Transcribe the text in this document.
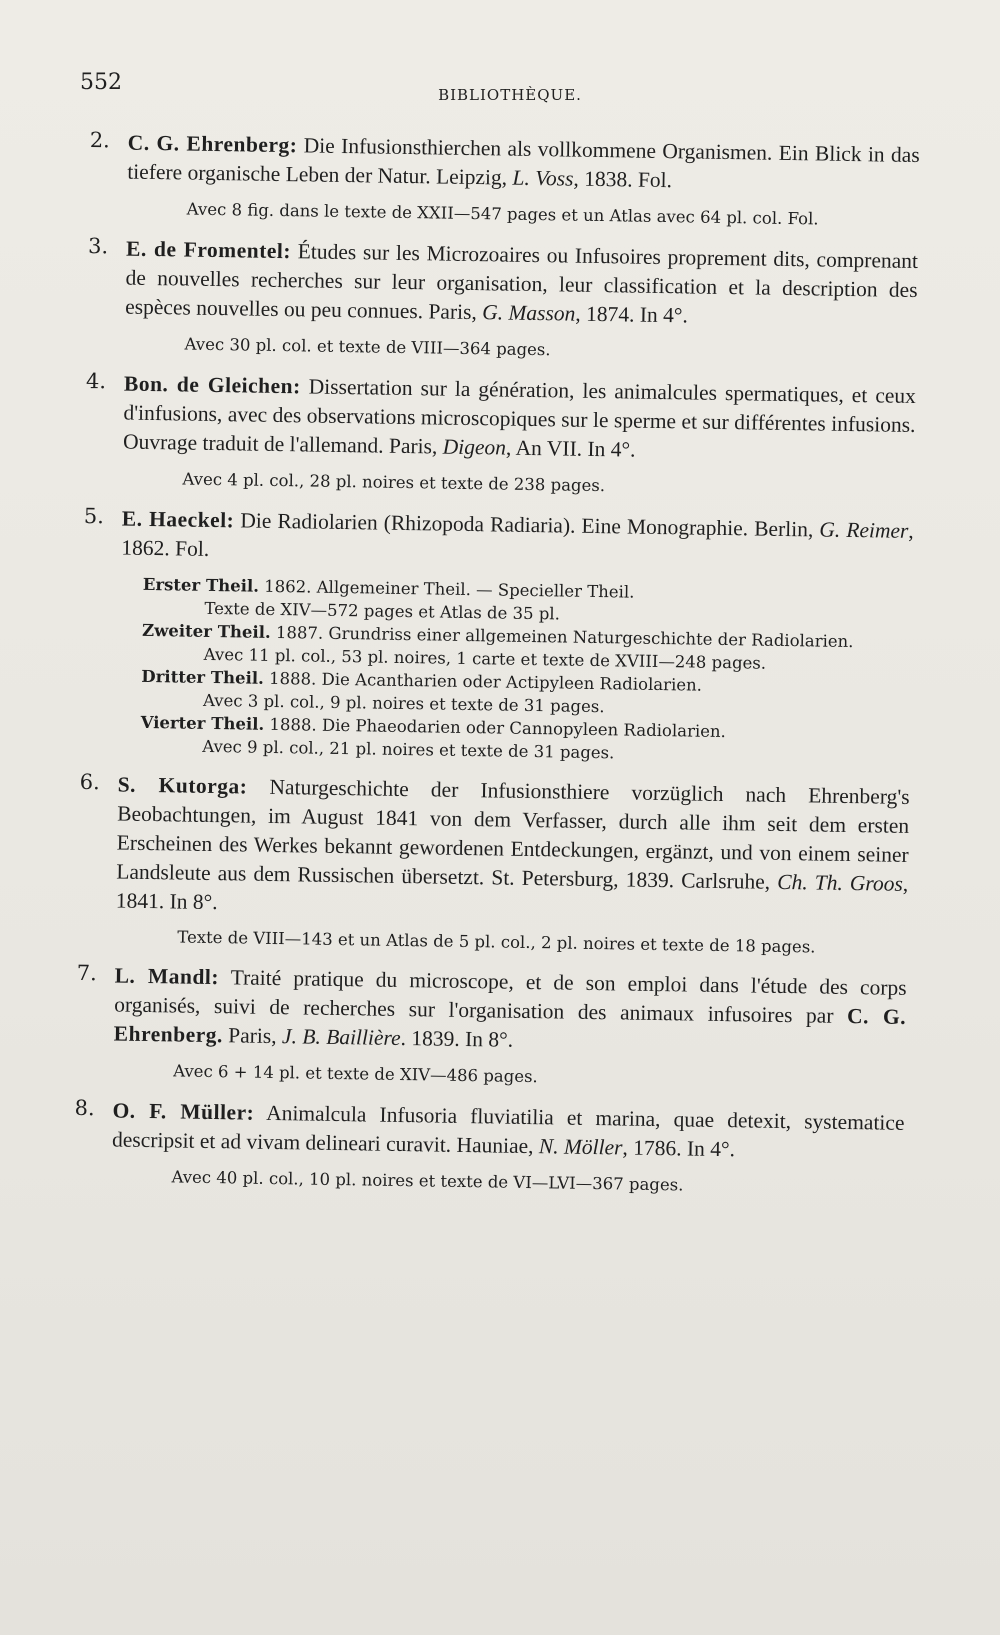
552	BIBLIOTHÈQUE.
2. C. G. Ehrenberg: Die Infusionsthierchen als vollkommene Organismen. Ein Blick in das tiefere organische Leben der Natur. Leipzig, L. Voss, 1838. Fol.
Avec 8 fig. dans le texte de XXII—547 pages et un Atlas avec 64 pl. col. Fol.
3. E. de Fromentel: Études sur les Microzoaires ou Infusoires proprement dits, comprenant de nouvelles recherches sur leur organisation, leur classification et la description des espèces nouvelles ou peu connues. Paris, G. Masson, 1874. In 4°.
Avec 30 pl. col. et texte de VIII—364 pages.
4. Bon. de Gleichen: Dissertation sur la génération, les animalcules spermatiques, et ceux d'infusions, avec des observations microscopiques sur le sperme et sur différentes infusions. Ouvrage traduit de l'allemand. Paris, Digeon, An VII. In 4°.
Avec 4 pl. col., 28 pl. noires et texte de 238 pages.
5. E. Haeckel: Die Radiolarien (Rhizopoda Radiaria). Eine Monographie. Berlin, G. Reimer, 1862. Fol.
Erster Theil. 1862. Allgemeiner Theil. — Specieller Theil.
Texte de XIV—572 pages et Atlas de 35 pl.
Zweiter Theil. 1887. Grundriss einer allgemeinen Naturgeschichte der Radiolarien.
Avec 11 pl. col., 53 pl. noires, 1 carte et texte de XVIII—248 pages.
Dritter Theil. 1888. Die Acantharien oder Actipyleen Radiolarien.
Avec 3 pl. col., 9 pl. noires et texte de 31 pages.
Vierter Theil. 1888. Die Phaeodarien oder Cannopyleen Radiolarien.
Avec 9 pl. col., 21 pl. noires et texte de 31 pages.
6. S. Kutorga: Naturgeschichte der Infusionsthiere vorzüglich nach Ehrenberg's Beobachtungen, im August 1841 von dem Verfasser, durch alle ihm seit dem ersten Erscheinen des Werkes bekannt gewordenen Entdeckungen, ergänzt, und von einem seiner Landsleute aus dem Russischen übersetzt. St. Petersburg, 1839. Carlsruhe, Ch. Th. Groos, 1841. In 8°.
Texte de VIII—143 et un Atlas de 5 pl. col., 2 pl. noires et texte de 18 pages.
7. L. Mandl: Traité pratique du microscope, et de son emploi dans l'étude des corps organisés, suivi de recherches sur l'organisation des animaux infusoires par C. G. Ehrenberg. Paris, J. B. Baillière. 1839. In 8°.
Avec 6 + 14 pl. et texte de XIV—486 pages.
8. O. F. Müller: Animalcula Infusoria fluviatilia et marina, quae detexit, systematice descripsit et ad vivam delineari curavit. Hauniae, N. Möller, 1786. In 4°.
Avec 40 pl. col., 10 pl. noires et texte de VI—LVI—367 pages.
